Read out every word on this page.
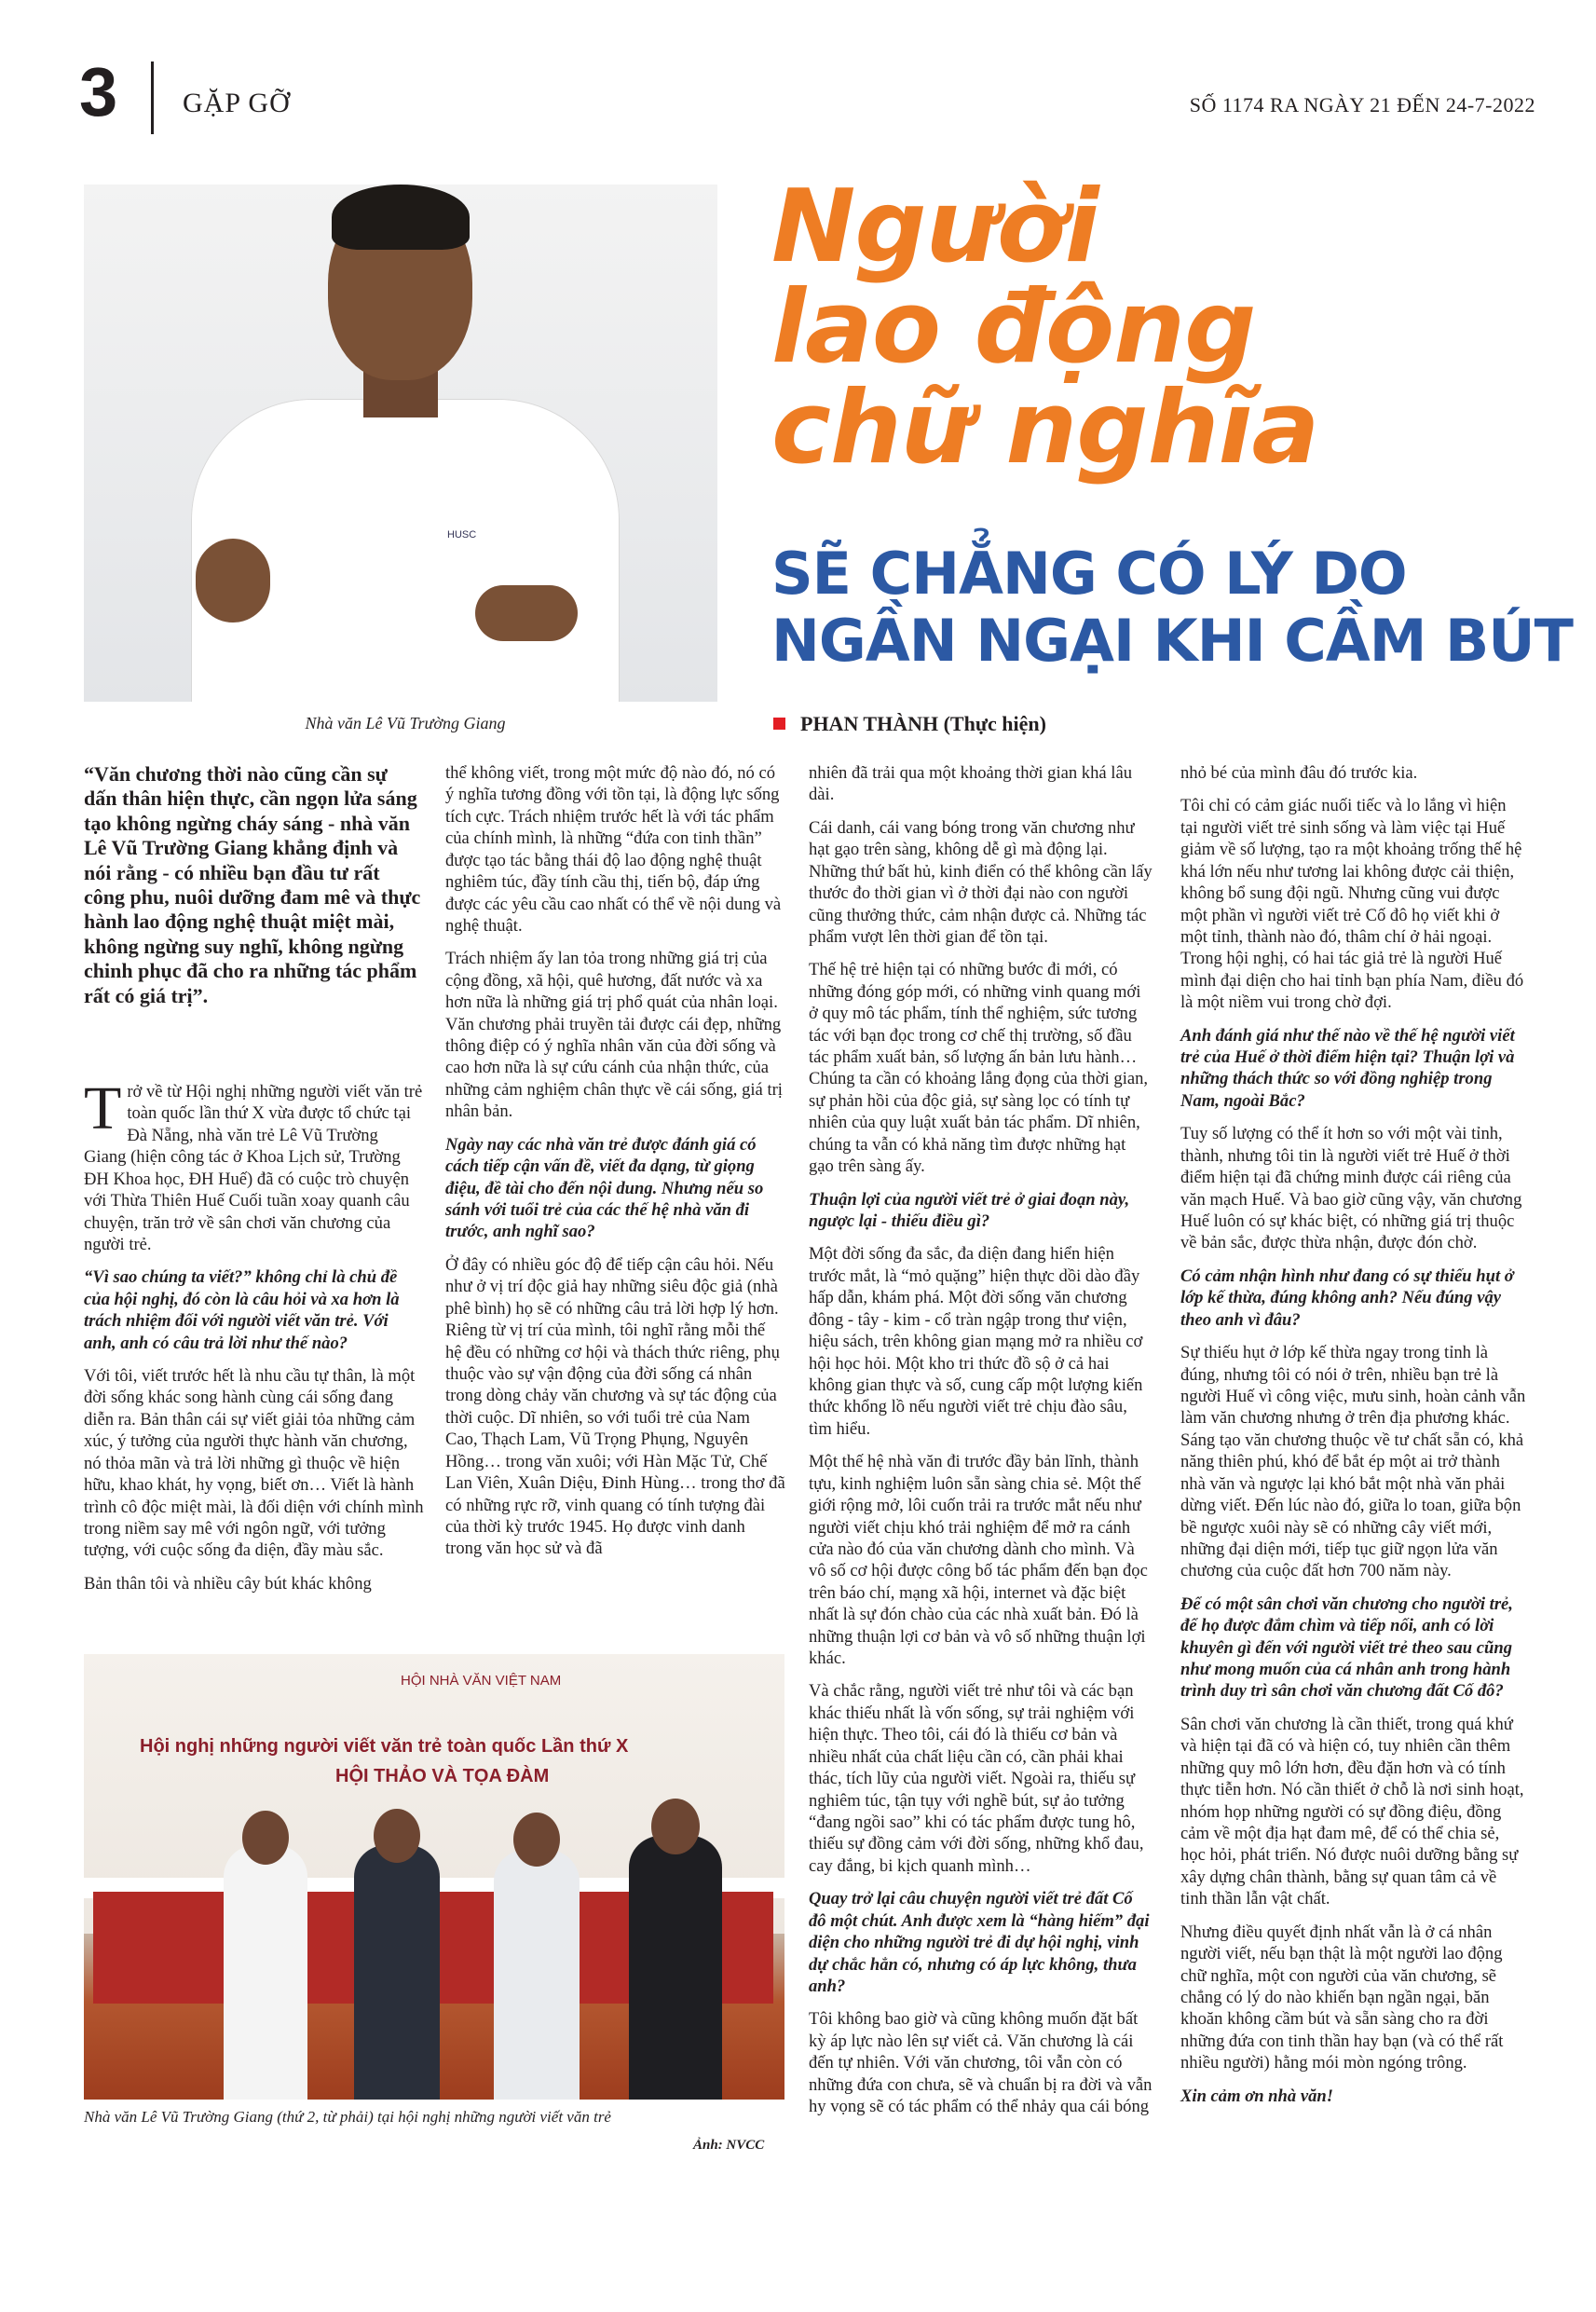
3 GẶP GỠ	SỐ 1174 RA NGÀY 21 ĐẾN 24-7-2022
HUSC
Nhà văn Lê Vũ Trường Giang
Người
lao động
chữ nghĩa
SẼ CHẲNG CÓ LÝ DO
NGẦN NGẠI KHI CẦM BÚT
PHAN THÀNH (Thực hiện)
“Văn chương thời nào cũng cần sự dấn thân hiện thực, cần ngọn lửa sáng tạo không ngừng cháy sáng - nhà văn Lê Vũ Trường Giang khẳng định và nói rằng - có nhiều bạn đầu tư rất công phu, nuôi dưỡng đam mê và thực hành lao động nghệ thuật miệt mài, không ngừng suy nghĩ, không ngừng chinh phục đã cho ra những tác phẩm rất có giá trị”.

Trở về từ Hội nghị những người viết văn trẻ toàn quốc lần thứ X vừa được tổ chức tại Đà Nẵng, nhà văn trẻ Lê Vũ Trường Giang (hiện công tác ở Khoa Lịch sử, Trường ĐH Khoa học, ĐH Huế) đã có cuộc trò chuyện với Thừa Thiên Huế Cuối tuần xoay quanh câu chuyện, trăn trở về sân chơi văn chương của người trẻ.

“Vì sao chúng ta viết?” không chỉ là chủ đề của hội nghị, đó còn là câu hỏi và xa hơn là trách nhiệm đối với người viết văn trẻ. Với anh, anh có câu trả lời như thế nào?

Với tôi, viết trước hết là nhu cầu tự thân, là một đời sống khác song hành cùng cái sống đang diễn ra. Bản thân cái sự viết giải tỏa những cảm xúc, ý tưởng của người thực hành văn chương, nó thỏa mãn và trả lời những gì thuộc về hiện hữu, khao khát, hy vọng, biết ơn… Viết là hành trình cô độc miệt mài, là đối diện với chính mình trong niềm say mê với ngôn ngữ, với tưởng tượng, với cuộc sống đa diện, đầy màu sắc.

Bản thân tôi và nhiều cây bút khác không

thể không viết, trong một mức độ nào đó, nó có ý nghĩa tương đồng với tồn tại, là động lực sống tích cực. Trách nhiệm trước hết là với tác phẩm của chính mình, là những “đứa con tinh thần” được tạo tác bằng thái độ lao động nghệ thuật nghiêm túc, đầy tính cầu thị, tiến bộ, đáp ứng được các yêu cầu cao nhất có thể về nội dung và nghệ thuật.

Trách nhiệm ấy lan tỏa trong những giá trị của cộng đồng, xã hội, quê hương, đất nước và xa hơn nữa là những giá trị phổ quát của nhân loại. Văn chương phải truyền tải được cái đẹp, những thông điệp có ý nghĩa nhân văn của đời sống và cao hơn nữa là sự cứu cánh của nhận thức, của những cảm nghiệm chân thực về cái sống, giá trị nhân bản.

Ngày nay các nhà văn trẻ được đánh giá có cách tiếp cận vấn đề, viết đa dạng, từ giọng điệu, đề tài cho đến nội dung. Nhưng nếu so sánh với tuổi trẻ của các thế hệ nhà văn đi trước, anh nghĩ sao?

Ở đây có nhiều góc độ để tiếp cận câu hỏi. Nếu như ở vị trí độc giả hay những siêu độc giả (nhà phê bình) họ sẽ có những câu trả lời hợp lý hơn. Riêng từ vị trí của mình, tôi nghĩ rằng mỗi thế hệ đều có những cơ hội và thách thức riêng, phụ thuộc vào sự vận động của đời sống cá nhân trong dòng chảy văn chương và sự tác động của thời cuộc. Dĩ nhiên, so với tuổi trẻ của Nam Cao, Thạch Lam, Vũ Trọng Phụng, Nguyên Hồng… trong văn xuôi; với Hàn Mặc Tử, Chế Lan Viên, Xuân Diệu, Đinh Hùng… trong thơ đã có những rực rỡ, vinh quang có tính tượng đài của thời kỳ trước 1945. Họ được vinh danh trong văn học sử và đã

nhiên đã trải qua một khoảng thời gian khá lâu dài.

Cái danh, cái vang bóng trong văn chương như hạt gạo trên sàng, không dễ gì mà động lại. Những thứ bất hủ, kinh điển có thể không cần lấy thước đo thời gian vì ở thời đại nào con người cũng thưởng thức, cảm nhận được cả. Những tác phẩm vượt lên thời gian để tồn tại.

Thế hệ trẻ hiện tại có những bước đi mới, có những đóng góp mới, có những vinh quang mới ở quy mô tác phẩm, tính thể nghiệm, sức tương tác với bạn đọc trong cơ chế thị trường, số đầu tác phẩm xuất bản, số lượng ấn bản lưu hành… Chúng ta cần có khoảng lắng đọng của thời gian, sự phản hồi của độc giả, sự sàng lọc có tính tự nhiên của quy luật xuất bản tác phẩm. Dĩ nhiên, chúng ta vẫn có khả năng tìm được những hạt gạo trên sàng ấy.

Thuận lợi của người viết trẻ ở giai đoạn này, ngược lại - thiếu điều gì?

Một đời sống đa sắc, đa diện đang hiển hiện trước mắt, là “mỏ quặng” hiện thực dồi dào đầy hấp dẫn, khám phá. Một đời sống văn chương đông - tây - kim - cổ tràn ngập trong thư viện, hiệu sách, trên không gian mạng mở ra nhiều cơ hội học hỏi. Một kho tri thức đồ sộ ở cả hai không gian thực và số, cung cấp một lượng kiến thức khổng lồ nếu người viết trẻ chịu đào sâu, tìm hiểu.

Một thế hệ nhà văn đi trước đầy bản lĩnh, thành tựu, kinh nghiệm luôn sẵn sàng chia sẻ. Một thế giới rộng mở, lôi cuốn trải ra trước mắt nếu như người viết chịu khó trải nghiệm để mở ra cánh cửa nào đó của văn chương dành cho mình. Và vô số cơ hội được công bố tác phẩm đến bạn đọc trên báo chí, mạng xã hội, internet và đặc biệt nhất là sự đón chào của các nhà xuất bản. Đó là những thuận lợi cơ bản và vô số những thuận lợi khác.

Và chắc rằng, người viết trẻ như tôi và các bạn khác thiếu nhất là vốn sống, sự trải nghiệm với hiện thực. Theo tôi, cái đó là thiếu cơ bản và nhiều nhất của chất liệu cần có, cần phải khai thác, tích lũy của người viết. Ngoài ra, thiếu sự nghiêm túc, tận tụy với nghề bút, sự ảo tưởng “đang ngồi sao” khi có tác phẩm được tung hô, thiếu sự đồng cảm với đời sống, những khổ đau, cay đắng, bi kịch quanh mình…

Quay trở lại câu chuyện người viết trẻ đất Cố đô một chút. Anh được xem là “hàng hiếm” đại diện cho những người trẻ đi dự hội nghị, vinh dự chắc hẳn có, nhưng có áp lực không, thưa anh?

Tôi không bao giờ và cũng không muốn đặt bất kỳ áp lực nào lên sự viết cả. Văn chương là cái đến tự nhiên. Với văn chương, tôi vẫn còn có những đứa con chưa, sẽ và chuẩn bị ra đời và vẫn hy vọng sẽ có tác phẩm có thể nhảy qua cái bóng

nhỏ bé của mình đâu đó trước kia.

Tôi chỉ có cảm giác nuối tiếc và lo lắng vì hiện tại người viết trẻ sinh sống và làm việc tại Huế giảm về số lượng, tạo ra một khoảng trống thế hệ khá lớn nếu như tương lai không được cải thiện, không bổ sung đội ngũ. Nhưng cũng vui được một phần vì người viết trẻ Cố đô họ viết khi ở một tỉnh, thành nào đó, thâm chí ở hải ngoại. Trong hội nghị, có hai tác giả trẻ là người Huế mình đại diện cho hai tỉnh bạn phía Nam, điều đó là một niềm vui trong chờ đợi.

Anh đánh giá như thế nào về thế hệ người viết trẻ của Huế ở thời điểm hiện tại? Thuận lợi và những thách thức so với đồng nghiệp trong Nam, ngoài Bắc?

Tuy số lượng có thể ít hơn so với một vài tỉnh, thành, nhưng tôi tin là người viết trẻ Huế ở thời điểm hiện tại đã chứng minh được cái riêng của văn mạch Huế. Và bao giờ cũng vậy, văn chương Huế luôn có sự khác biệt, có những giá trị thuộc về bản sắc, được thừa nhận, được đón chờ.

Có cảm nhận hình như đang có sự thiếu hụt ở lớp kế thừa, đúng không anh? Nếu đúng vậy theo anh vì đâu?

Sự thiếu hụt ở lớp kế thừa ngay trong tỉnh là đúng, nhưng tôi có nói ở trên, nhiều bạn trẻ là người Huế vì công việc, mưu sinh, hoàn cảnh vẫn làm văn chương nhưng ở trên địa phương khác. Sáng tạo văn chương thuộc về tư chất sẵn có, khả năng thiên phú, khó để bắt ép một ai trở thành nhà văn và ngược lại khó bắt một nhà văn phải dừng viết. Đến lúc nào đó, giữa lo toan, giữa bộn bề ngược xuôi này sẽ có những cây viết mới, những đại diện mới, tiếp tục giữ ngọn lửa văn chương của cuộc đất hơn 700 năm này.

Để có một sân chơi văn chương cho người trẻ, để họ được đắm chìm và tiếp nối, anh có lời khuyên gì đến với người viết trẻ theo sau cũng như mong muốn của cá nhân anh trong hành trình duy trì sân chơi văn chương đất Cố đô?

Sân chơi văn chương là cần thiết, trong quá khứ và hiện tại đã có và hiện có, tuy nhiên cần thêm những quy mô lớn hơn, đều đặn hơn và có tính thực tiễn hơn. Nó cần thiết ở chỗ là nơi sinh hoạt, nhóm họp những người có sự đồng điệu, đồng cảm về một địa hạt đam mê, để có thể chia sẻ, học hỏi, phát triển. Nó được nuôi dưỡng bằng sự xây dựng chân thành, bằng sự quan tâm cả về tinh thần lẫn vật chất.

Nhưng điều quyết định nhất vẫn là ở cá nhân người viết, nếu bạn thật là một người lao động chữ nghĩa, một con người của văn chương, sẽ chẳng có lý do nào khiến bạn ngần ngại, băn khoăn không cầm bút và sẵn sàng cho ra đời những đứa con tinh thần hay bạn (và có thể rất nhiều người) hằng mói mòn ngóng trông.

Xin cảm ơn nhà văn!

HỘI NHÀ VĂN VIỆT NAM
Hội nghị những người viết văn trẻ toàn quốc Lần thứ X
HỘI THẢO VÀ TỌA ĐÀM
Nhà văn Lê Vũ Trường Giang (thứ 2, từ phải) tại hội nghị những người viết văn trẻ
Ảnh: NVCC
